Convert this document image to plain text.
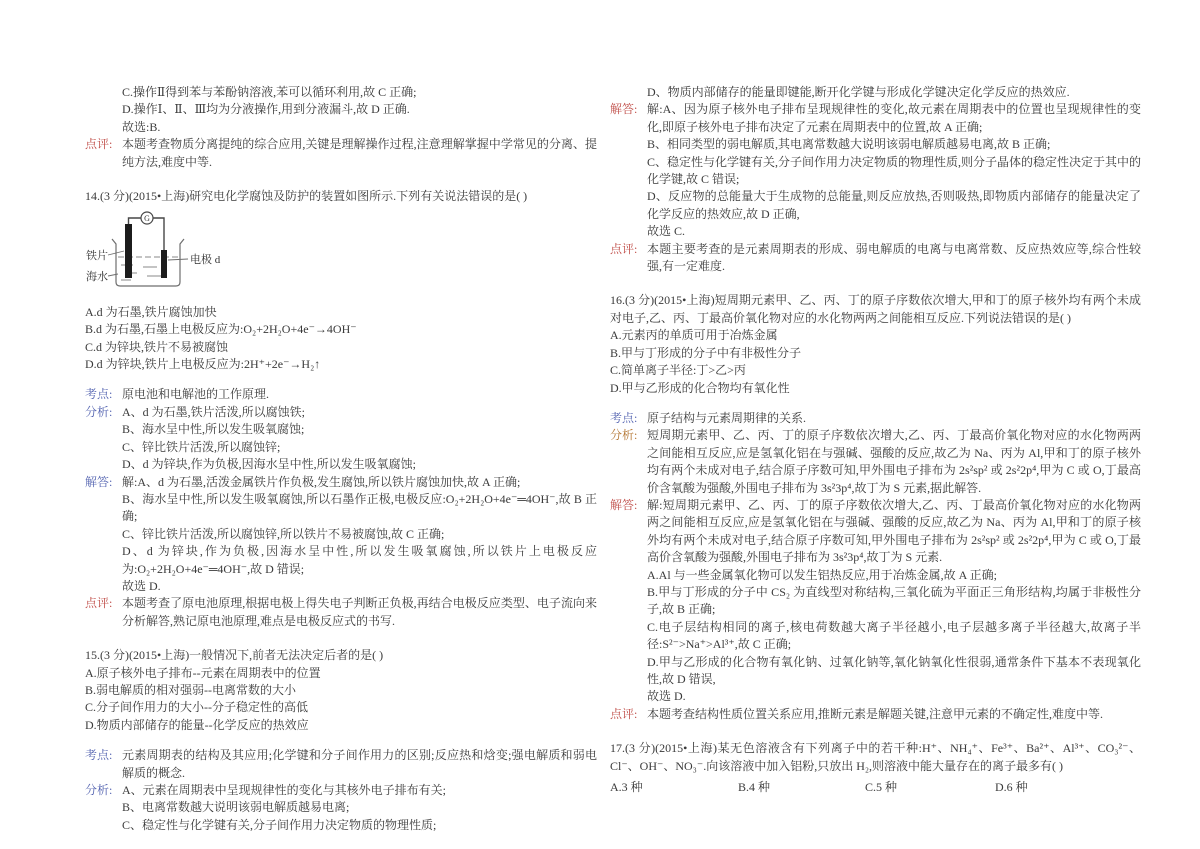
C.操作Ⅱ得到苯与苯酚钠溶液,苯可以循环利用,故 C 正确;
D.操作Ⅰ、Ⅱ、Ⅲ均为分液操作,用到分液漏斗,故 D 正确.
故选:B.
点评: 本题考查物质分离提纯的综合应用,关键是理解操作过程,注意理解掌握中学常见的分离、提纯方法,难度中等.
14.(3 分)(2015•上海)研究电化学腐蚀及防护的装置如图所示.下列有关说法错误的是( )
G
铁片
海水
电极 d
A.d 为石墨,铁片腐蚀加快
B.d 为石墨,石墨上电极反应为:O₂+2H₂O+4e⁻→4OH⁻
C.d 为锌块,铁片不易被腐蚀
D.d 为锌块,铁片上电极反应为:2H⁺+2e⁻→H₂↑
考点: 原电池和电解池的工作原理.
分析: A、d 为石墨,铁片活泼,所以腐蚀铁;
B、海水呈中性,所以发生吸氧腐蚀;
C、锌比铁片活泼,所以腐蚀锌;
D、d 为锌块,作为负极,因海水呈中性,所以发生吸氧腐蚀;
解答: 解:A、d 为石墨,活泼金属铁片作负极,发生腐蚀,所以铁片腐蚀加快,故 A 正确;
B、海水呈中性,所以发生吸氧腐蚀,所以石墨作正极,电极反应:O₂+2H₂O+4e⁻═4OH⁻,故 B 正确;
C、锌比铁片活泼,所以腐蚀锌,所以铁片不易被腐蚀,故 C 正确;
D、d 为锌块,作为负极,因海水呈中性,所以发生吸氧腐蚀,所以铁片上电极反应为:O₂+2H₂O+4e⁻═4OH⁻,故 D 错误;
故选 D.
点评: 本题考查了原电池原理,根据电极上得失电子判断正负极,再结合电极反应类型、电子流向来分析解答,熟记原电池原理,难点是电极反应式的书写.
15.(3 分)(2015•上海)一般情况下,前者无法决定后者的是( )
A.原子核外电子排布--元素在周期表中的位置
B.弱电解质的相对强弱--电离常数的大小
C.分子间作用力的大小--分子稳定性的高低
D.物质内部储存的能量--化学反应的热效应
考点: 元素周期表的结构及其应用;化学键和分子间作用力的区别;反应热和焓变;强电解质和弱电解质的概念.
分析: A、元素在周期表中呈现规律性的变化与其核外电子排布有关;
B、电离常数越大说明该弱电解质越易电离;
C、稳定性与化学键有关,分子间作用力决定物质的物理性质;
D、物质内部储存的能量即键能,断开化学键与形成化学键决定化学反应的热效应.
解答: 解:A、因为原子核外电子排布呈现规律性的变化,故元素在周期表中的位置也呈现规律性的变化,即原子核外电子排布决定了元素在周期表中的位置,故 A 正确;
B、相同类型的弱电解质,其电离常数越大说明该弱电解质越易电离,故 B 正确;
C、稳定性与化学键有关,分子间作用力决定物质的物理性质,则分子晶体的稳定性决定于其中的化学键,故 C 错误;
D、反应物的总能量大于生成物的总能量,则反应放热,否则吸热,即物质内部储存的能量决定了化学反应的热效应,故 D 正确,
故选 C.
点评: 本题主要考查的是元素周期表的形成、弱电解质的电离与电离常数、反应热效应等,综合性较强,有一定难度.
16.(3 分)(2015•上海)短周期元素甲、乙、丙、丁的原子序数依次增大,甲和丁的原子核外均有两个未成对电子,乙、丙、丁最高价氧化物对应的水化物两两之间能相互反应.下列说法错误的是( )
A.元素丙的单质可用于冶炼金属
B.甲与丁形成的分子中有非极性分子
C.简单离子半径:丁>乙>丙
D.甲与乙形成的化合物均有氧化性
考点: 原子结构与元素周期律的关系.
分析: 短周期元素甲、乙、丙、丁的原子序数依次增大,乙、丙、丁最高价氧化物对应的水化物两两之间能相互反应,应是氢氧化铝在与强碱、强酸的反应,故乙为 Na、丙为 Al,甲和丁的原子核外均有两个未成对电子,结合原子序数可知,甲外围电子排布为 2s²sp² 或 2s²2p⁴,甲为 C 或 O,丁最高价含氧酸为强酸,外围电子排布为 3s²3p⁴,故丁为 S 元素,据此解答.
解答: 解:短周期元素甲、乙、丙、丁的原子序数依次增大,乙、丙、丁最高价氧化物对应的水化物两两之间能相互反应,应是氢氧化铝在与强碱、强酸的反应,故乙为 Na、丙为 Al,甲和丁的原子核外均有两个未成对电子,结合原子序数可知,甲外围电子排布为 2s²sp² 或 2s²2p⁴,甲为 C 或 O,丁最高价含氧酸为强酸,外围电子排布为 3s²3p⁴,故丁为 S 元素.
A.Al 与一些金属氧化物可以发生铝热反应,用于冶炼金属,故 A 正确;
B.甲与丁形成的分子中 CS₂ 为直线型对称结构,三氧化硫为平面正三角形结构,均属于非极性分子,故 B 正确;
C.电子层结构相同的离子,核电荷数越大离子半径越小,电子层越多离子半径越大,故离子半径:S²⁻>Na⁺>Al³⁺,故 C 正确;
D.甲与乙形成的化合物有氧化钠、过氧化钠等,氧化钠氧化性很弱,通常条件下基本不表现氧化性,故 D 错误,
故选 D.
点评: 本题考查结构性质位置关系应用,推断元素是解题关键,注意甲元素的不确定性,难度中等.
17.(3 分)(2015•上海)某无色溶液含有下列离子中的若干种:H⁺、NH₄⁺、Fe³⁺、Ba²⁺、Al³⁺、CO₃²⁻、Cl⁻、OH⁻、NO₃⁻.向该溶液中加入铝粉,只放出 H₂,则溶液中能大量存在的离子最多有( )
A.3 种	B.4 种	C.5 种	D.6 种
